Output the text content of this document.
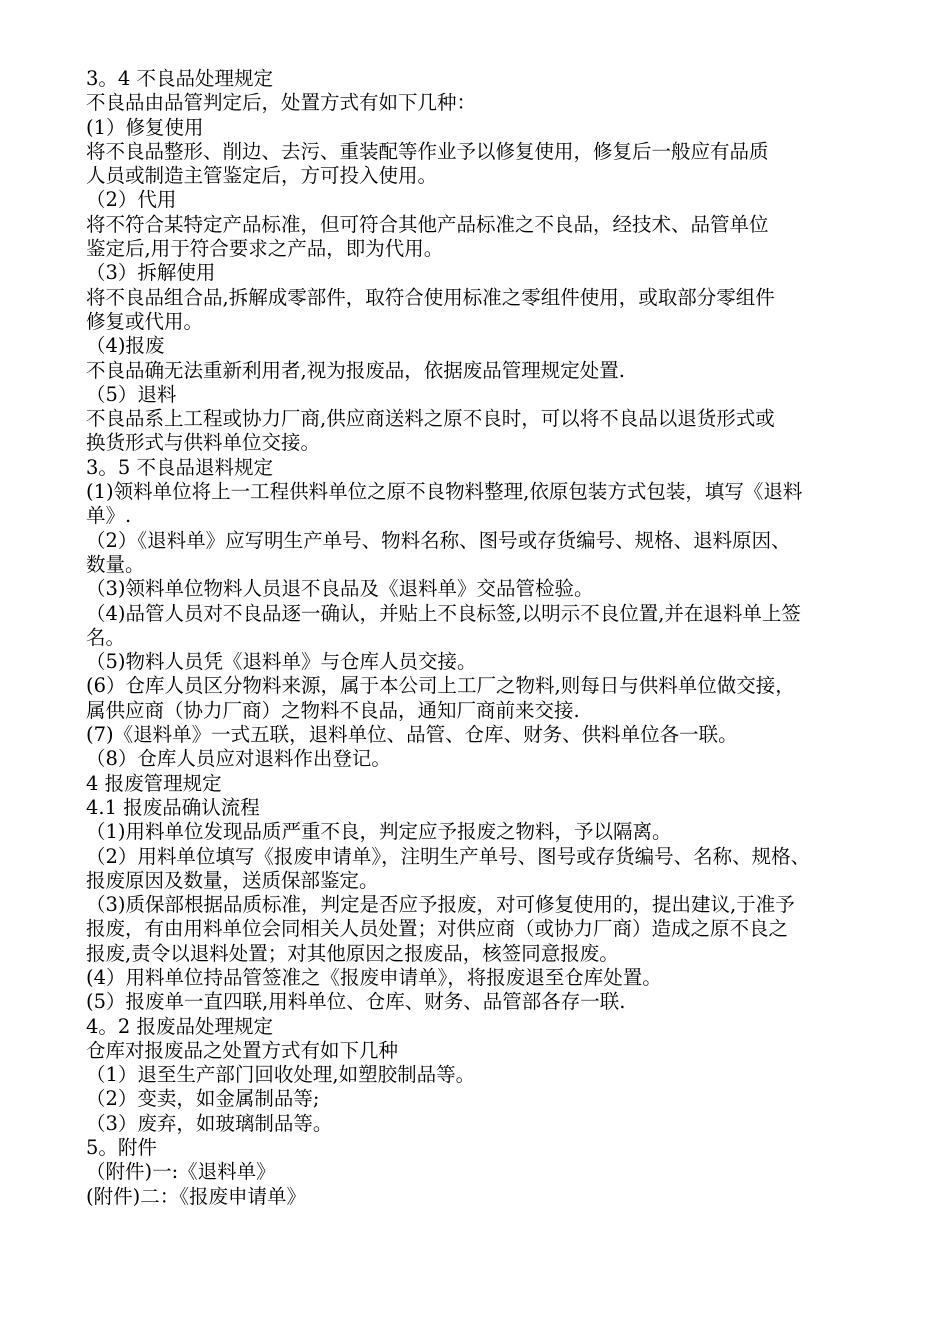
3。4 不良品处理规定
不良品由品管判定后，处置方式有如下几种：
(1）修复使用
将不良品整形、削边、去污、重装配等作业予以修复使用，修复后一般应有品质
人员或制造主管鉴定后，方可投入使用。
（2）代用
将不符合某特定产品标准，但可符合其他产品标准之不良品，经技术、品管单位
鉴定后,用于符合要求之产品，即为代用。
（3）拆解使用
将不良品组合品,拆解成零部件，取符合使用标准之零组件使用，或取部分零组件
修复或代用。
（4)报废
不良品确无法重新利用者,视为报废品，依据废品管理规定处置.
（5）退料
不良品系上工程或协力厂商,供应商送料之原不良时，可以将不良品以退货形式或
换货形式与供料单位交接。
3。5 不良品退料规定
(1)领料单位将上一工程供料单位之原不良物料整理,依原包装方式包装，填写《退料
单》.
（2）《退料单》应写明生产单号、物料名称、图号或存货编号、规格、退料原因、
数量。
（3)领料单位物料人员退不良品及《退料单》交品管检验。
（4)品管人员对不良品逐一确认，并贴上不良标签,以明示不良位置,并在退料单上签
名。
（5)物料人员凭《退料单》与仓库人员交接。
(6）仓库人员区分物料来源，属于本公司上工厂之物料,则每日与供料单位做交接，
属供应商（协力厂商）之物料不良品，通知厂商前来交接.
(7)《退料单》一式五联，退料单位、品管、仓库、财务、供料单位各一联。
（8）仓库人员应对退料作出登记。
4 报废管理规定
4.1 报废品确认流程
（1)用料单位发现品质严重不良，判定应予报废之物料，予以隔离。
（2）用料单位填写《报废申请单》，注明生产单号、图号或存货编号、名称、规格、
报废原因及数量，送质保部鉴定。
（3)质保部根据品质标准，判定是否应予报废，对可修复使用的，提出建议,于准予
报废，有由用料单位会同相关人员处置；对供应商（或协力厂商）造成之原不良之
报废,责令以退料处置；对其他原因之报废品，核签同意报废。
(4）用料单位持品管签准之《报废申请单》，将报废退至仓库处置。
(5）报废单一直四联,用料单位、仓库、财务、品管部各存一联.
4。2 报废品处理规定
仓库对报废品之处置方式有如下几种
（1）退至生产部门回收处理,如塑胶制品等。
（2）变卖，如金属制品等;
（3）废弃，如玻璃制品等。
5。附件
（附件)一:《退料单》
(附件)二：《报废申请单》
